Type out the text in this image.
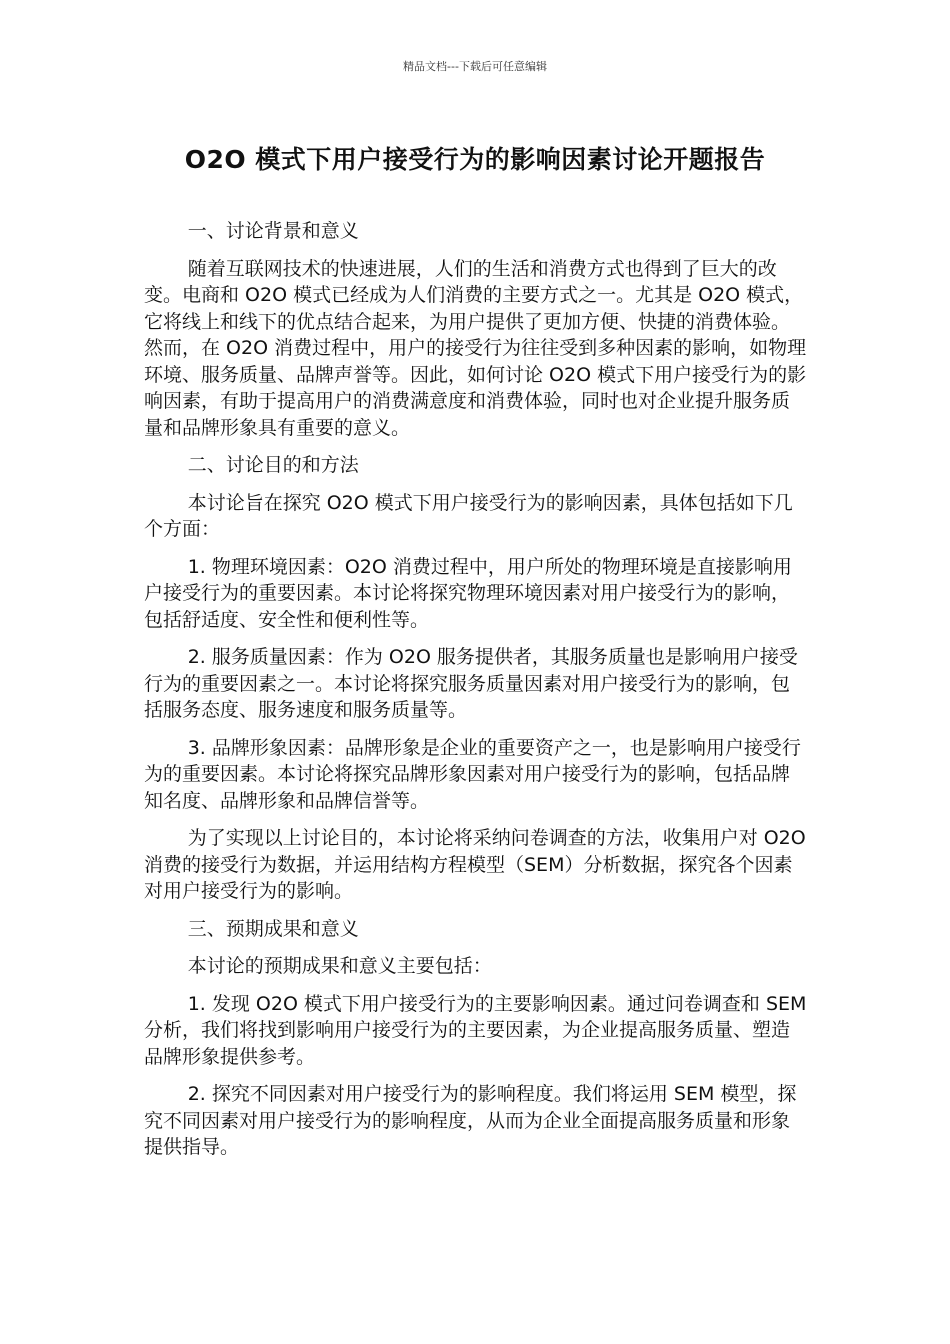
精品文档---下载后可任意编辑
O2O 模式下用户接受行为的影响因素讨论开题报告

一、讨论背景和意义

随着互联网技术的快速进展，人们的生活和消费方式也得到了巨大的改变。电商和 O2O 模式已经成为人们消费的主要方式之一。尤其是 O2O 模式，它将线上和线下的优点结合起来，为用户提供了更加方便、快捷的消费体验。然而，在 O2O 消费过程中，用户的接受行为往往受到多种因素的影响，如物理环境、服务质量、品牌声誉等。因此，如何讨论 O2O 模式下用户接受行为的影响因素，有助于提高用户的消费满意度和消费体验，同时也对企业提升服务质量和品牌形象具有重要的意义。

二、讨论目的和方法

本讨论旨在探究 O2O 模式下用户接受行为的影响因素，具体包括如下几个方面：

1. 物理环境因素：O2O 消费过程中，用户所处的物理环境是直接影响用户接受行为的重要因素。本讨论将探究物理环境因素对用户接受行为的影响，包括舒适度、安全性和便利性等。

2. 服务质量因素：作为 O2O 服务提供者，其服务质量也是影响用户接受行为的重要因素之一。本讨论将探究服务质量因素对用户接受行为的影响，包括服务态度、服务速度和服务质量等。

3. 品牌形象因素：品牌形象是企业的重要资产之一，也是影响用户接受行为的重要因素。本讨论将探究品牌形象因素对用户接受行为的影响，包括品牌知名度、品牌形象和品牌信誉等。

为了实现以上讨论目的，本讨论将采纳问卷调查的方法，收集用户对 O2O 消费的接受行为数据，并运用结构方程模型（SEM）分析数据，探究各个因素对用户接受行为的影响。

三、预期成果和意义

本讨论的预期成果和意义主要包括：

1. 发现 O2O 模式下用户接受行为的主要影响因素。通过问卷调查和 SEM 分析，我们将找到影响用户接受行为的主要因素，为企业提高服务质量、塑造品牌形象提供参考。

2. 探究不同因素对用户接受行为的影响程度。我们将运用 SEM 模型，探究不同因素对用户接受行为的影响程度，从而为企业全面提高服务质量和形象提供指导。
